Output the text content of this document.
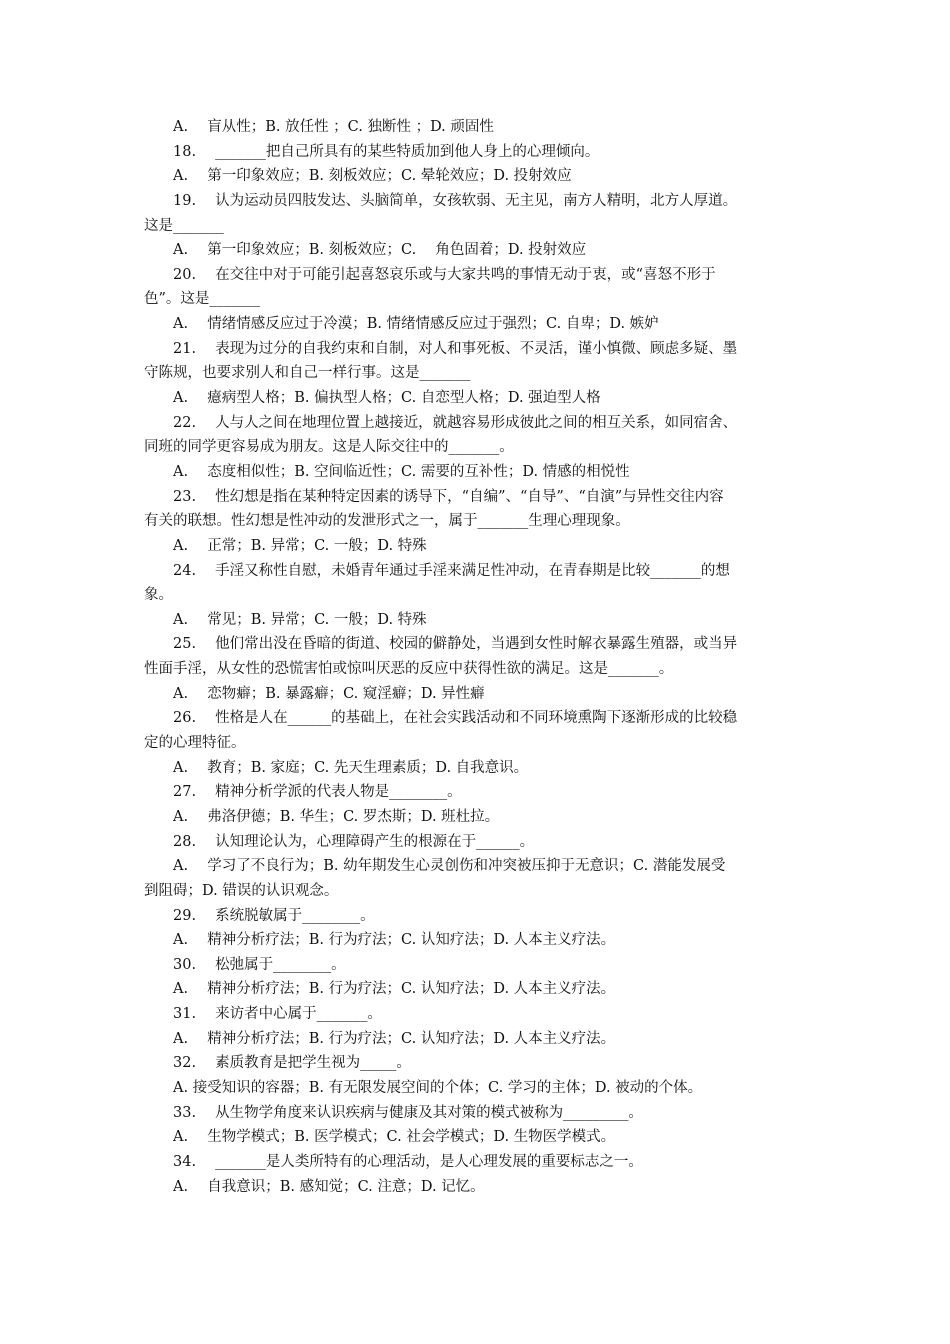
A.　 盲从性；B. 放任性 ；C. 独断性 ；D. 顽固性

18.　 _______把自己所具有的某些特质加到他人身上的心理倾向。

A.　 第一印象效应；B. 刻板效应；C. 晕轮效应；D. 投射效应

19.　 认为运动员四肢发达、头脑简单，女孩软弱、无主见，南方人精明，北方人厚道。

这是_______

A.　 第一印象效应；B. 刻板效应；C.　 角色固着；D. 投射效应

20.　 在交往中对于可能引起喜怒哀乐或与大家共鸣的事情无动于衷，或“喜怒不形于

色”。这是_______

A.　 情绪情感反应过于冷漠；B. 情绪情感反应过于强烈；C. 自卑；D. 嫉妒

21.　 表现为过分的自我约束和自制，对人和事死板、不灵活，谨小慎微、顾虑多疑、墨

守陈规，也要求别人和自己一样行事。这是_______

A.　 癔病型人格；B. 偏执型人格；C. 自恋型人格；D. 强迫型人格

22.　 人与人之间在地理位置上越接近，就越容易形成彼此之间的相互关系，如同宿舍、

同班的同学更容易成为朋友。这是人际交往中的_______。

A.　 态度相似性；B. 空间临近性；C. 需要的互补性；D. 情感的相悦性

23.　 性幻想是指在某种特定因素的诱导下，“自编”、“自导”、“自演”与异性交往内容

有关的联想。性幻想是性冲动的发泄形式之一，属于_______生理心理现象。

A.　 正常；B. 异常；C. 一般；D. 特殊

24.　 手淫又称性自慰，未婚青年通过手淫来满足性冲动，在青春期是比较_______的想

象。

A.　 常见；B. 异常；C. 一般；D. 特殊

25.　 他们常出没在昏暗的街道、校园的僻静处，当遇到女性时解衣暴露生殖器，或当异

性面手淫，从女性的恐慌害怕或惊叫厌恶的反应中获得性欲的满足。这是_______。

A.　 恋物癖；B. 暴露癖；C. 窥淫癖；D. 异性癖

26.　 性格是人在______的基础上，在社会实践活动和不同环境熏陶下逐渐形成的比较稳

定的心理特征。

A.　 教育；B. 家庭；C. 先天生理素质；D. 自我意识。

27.　 精神分析学派的代表人物是________。

A.　 弗洛伊德；B. 华生；C. 罗杰斯；D. 班杜拉。

28.　 认知理论认为，心理障碍产生的根源在于______。

A.　 学习了不良行为；B. 幼年期发生心灵创伤和冲突被压抑于无意识；C. 潜能发展受

到阻碍；D. 错误的认识观念。

29.　 系统脱敏属于________。

A.　 精神分析疗法；B. 行为疗法；C. 认知疗法；D. 人本主义疗法。

30.　 松弛属于________。

A.　 精神分析疗法；B. 行为疗法；C. 认知疗法；D. 人本主义疗法。

31.　 来访者中心属于_______。

A.　 精神分析疗法；B. 行为疗法；C. 认知疗法；D. 人本主义疗法。

32.　 素质教育是把学生视为_____。

A. 接受知识的容器；B. 有无限发展空间的个体；C. 学习的主体；D. 被动的个体。

33.　 从生物学角度来认识疾病与健康及其对策的模式被称为_________。

A.　 生物学模式；B. 医学模式；C. 社会学模式；D. 生物医学模式。

34.　 _______是人类所特有的心理活动，是人心理发展的重要标志之一。

A.　 自我意识；B. 感知觉；C. 注意；D. 记忆。
